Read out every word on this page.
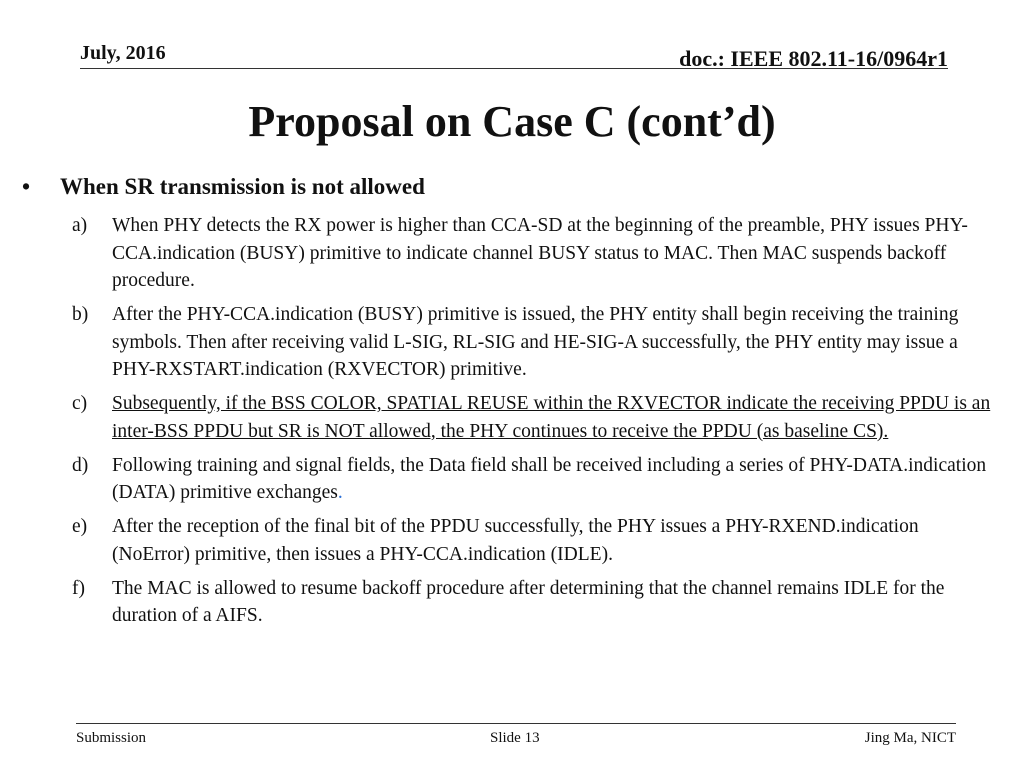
July, 2016	doc.: IEEE 802.11-16/0964r1
Proposal on Case C (cont’d)
•	When SR transmission is not allowed
a)	When PHY detects the RX power is higher than CCA-SD at the beginning of the preamble, PHY issues PHY-CCA.indication (BUSY) primitive to indicate channel BUSY status to MAC. Then MAC suspends backoff procedure.
b)	After the PHY-CCA.indication (BUSY) primitive is issued, the PHY entity shall begin receiving the training symbols. Then after receiving valid L-SIG, RL-SIG and HE-SIG-A successfully, the PHY entity may issue a PHY-RXSTART.indication (RXVECTOR) primitive.
c)	Subsequently, if the BSS COLOR, SPATIAL REUSE within the RXVECTOR indicate the receiving PPDU is an inter-BSS PPDU but SR is NOT allowed, the PHY continues to receive the PPDU (as baseline CS).
d)	Following training and signal fields, the Data field shall be received including a series of PHY-DATA.indication (DATA) primitive exchanges.
e)	After the reception of the final bit of the PPDU successfully, the PHY issues a PHY-RXEND.indication (NoError) primitive, then issues a PHY-CCA.indication (IDLE).
f)	The MAC is allowed to resume backoff procedure after determining that the channel remains IDLE for the duration of a AIFS.
Submission	Slide 13	Jing Ma, NICT
